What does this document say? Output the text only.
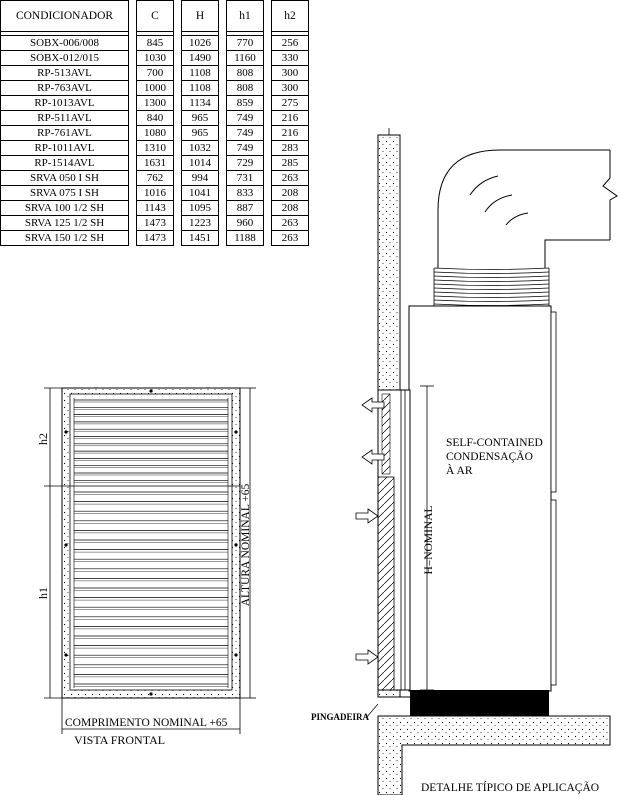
CONDICIONADOR		C		H		h1		h2

SOBX-006/008		845		1026		770		256
SOBX-012/015		1030		1490		1160		330
RP-513AVL		700		1108		808		300
RP-763AVL		1000		1108		808		300
RP-1013AVL		1300		1134		859		275
RP-511AVL		840		965		749		216
RP-761AVL		1080		965		749		216
RP-1011AVL		1310		1032		749		283
RP-1514AVL		1631		1014		729		285
SRVA 050 I SH		762		994		731		263
SRVA 075 I SH		1016		1041		833		208
SRVA 100 1/2 SH		1143		1095		887		208
SRVA 125 1/2 SH		1473		1223		960		263
SRVA 150 1/2 SH		1473		1451		1188		263
h2
h1	ALTURA NOMINAL +65
COMPRIMENTO NOMINAL +65
VISTA FRONTAL
SELF-CONTAINED
CONDENSAÇÃO
À AR
H=NOMINAL
PINGADEIRA
DETALHE TÍPICO DE APLICAÇÃO
